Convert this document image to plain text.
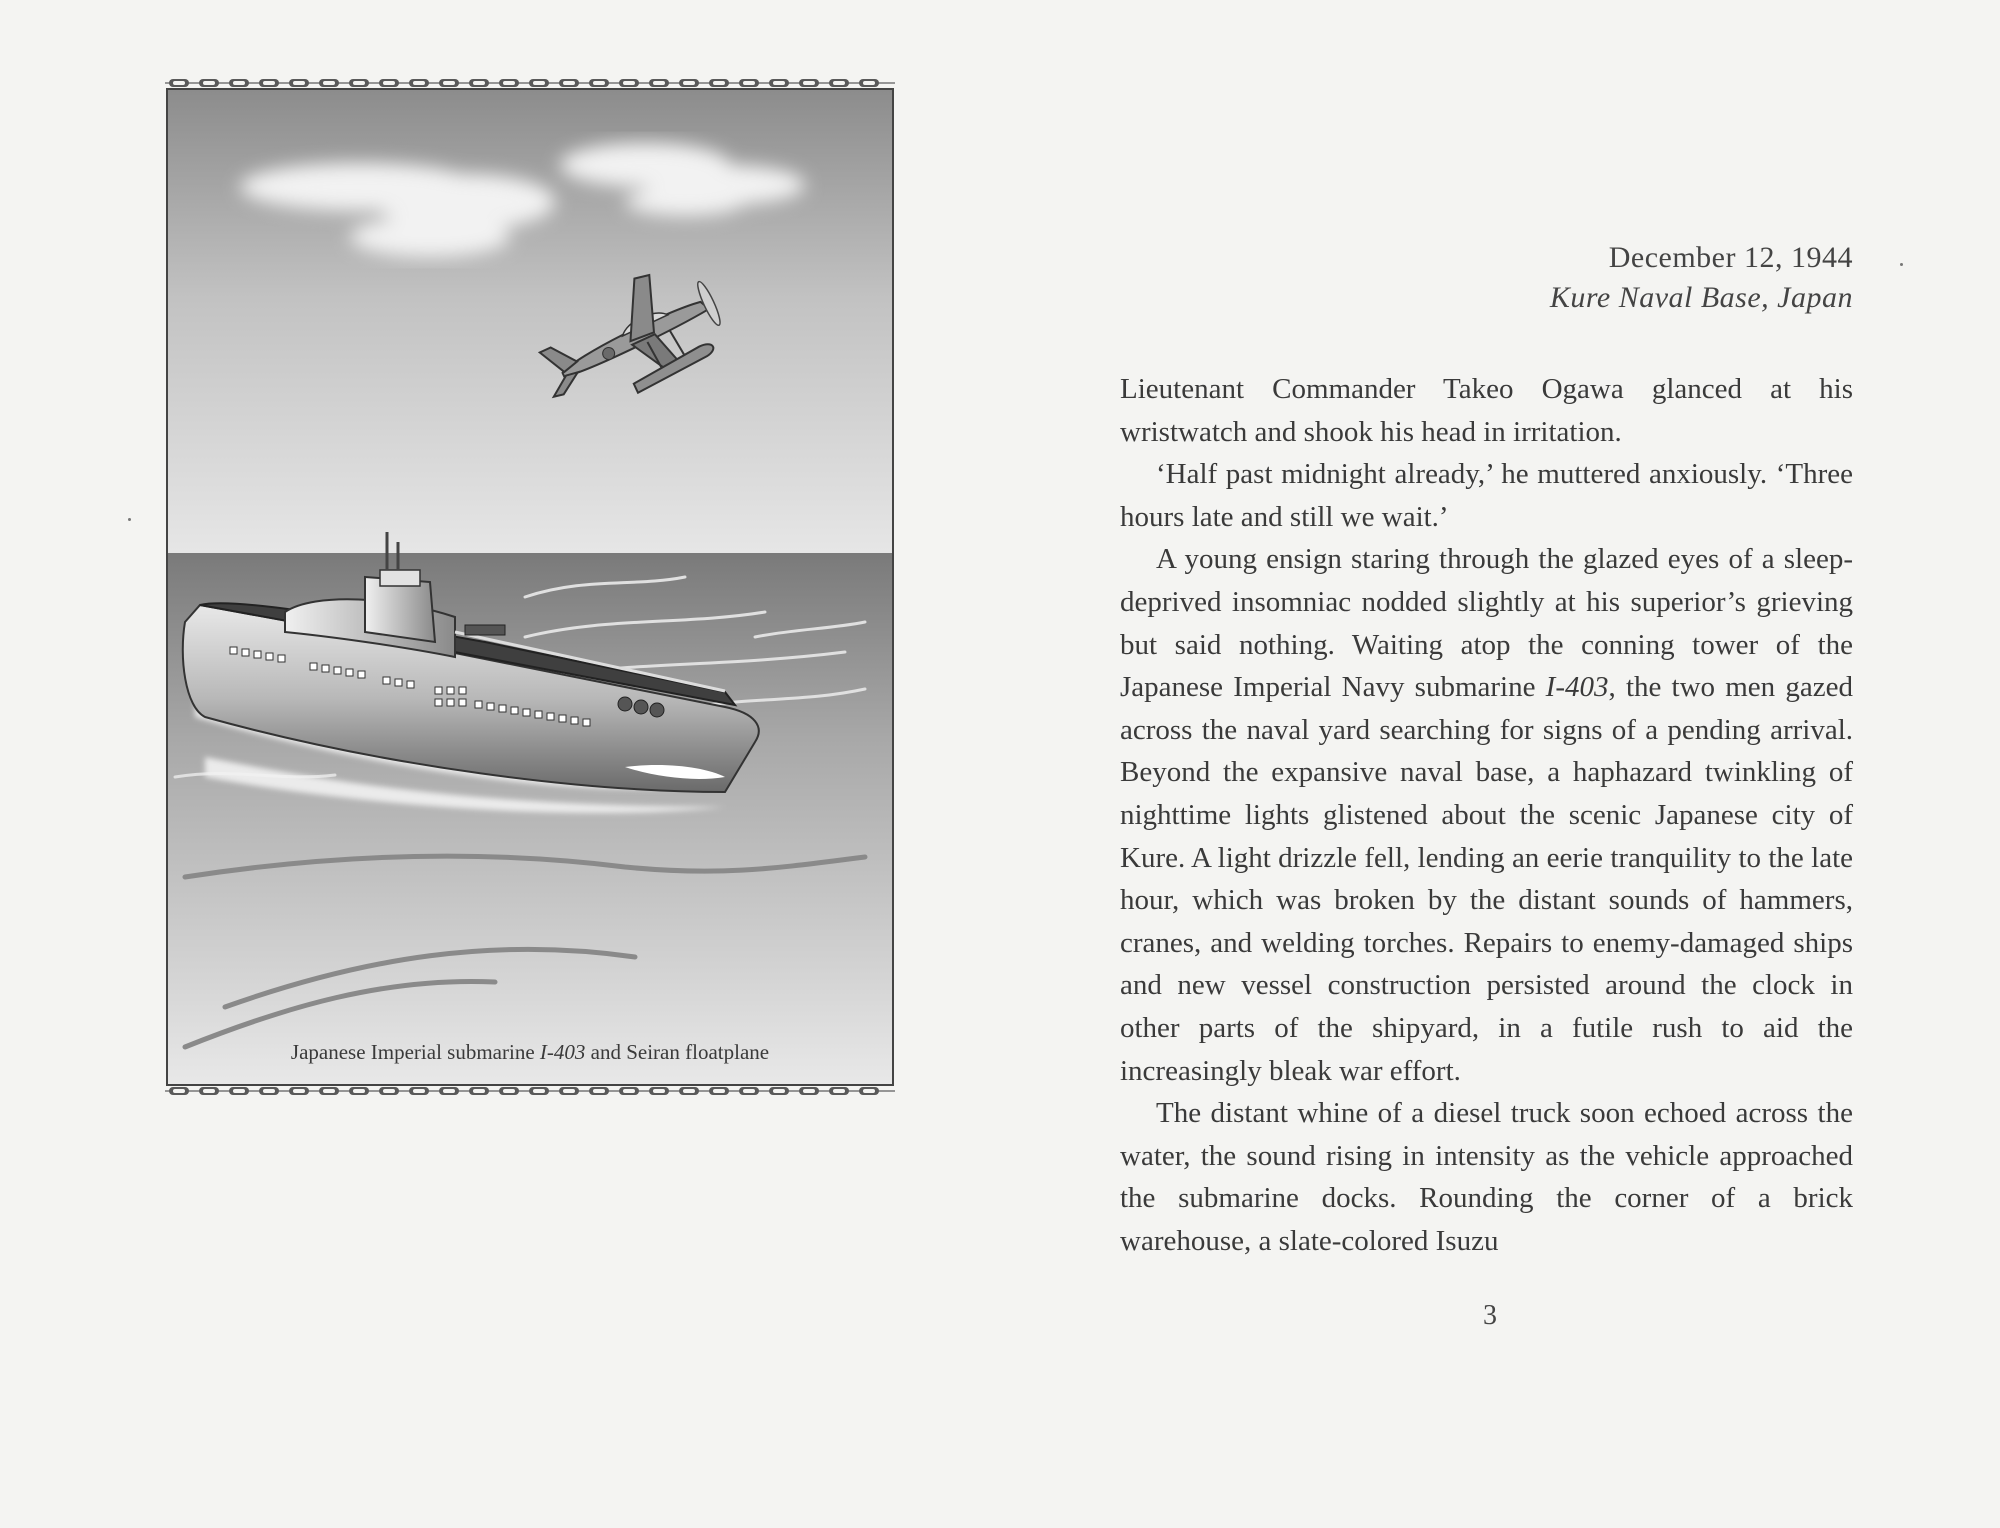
Japanese Imperial submarine I-403 and Seiran floatplane
December 12, 1944
Kure Naval Base, Japan

Lieutenant Commander Takeo Ogawa glanced at his wristwatch and shook his head in irritation.

‘Half past midnight already,’ he muttered anxiously. ‘Three hours late and still we wait.’

A young ensign staring through the glazed eyes of a sleep-deprived insomniac nodded slightly at his superior’s grieving but said nothing. Waiting atop the conning tower of the Japanese Imperial Navy submarine I-403, the two men gazed across the naval yard searching for signs of a pending arrival. Beyond the expansive naval base, a haphazard twinkling of nighttime lights glistened about the scenic Japanese city of Kure. A light drizzle fell, lending an eerie tranquility to the late hour, which was broken by the distant sounds of hammers, cranes, and welding torches. Repairs to enemy-damaged ships and new vessel construction persisted around the clock in other parts of the shipyard, in a futile rush to aid the increasingly bleak war effort.

The distant whine of a diesel truck soon echoed across the water, the sound rising in intensity as the vehicle approached the submarine docks. Rounding the corner of a brick warehouse, a slate-colored Isuzu

3
